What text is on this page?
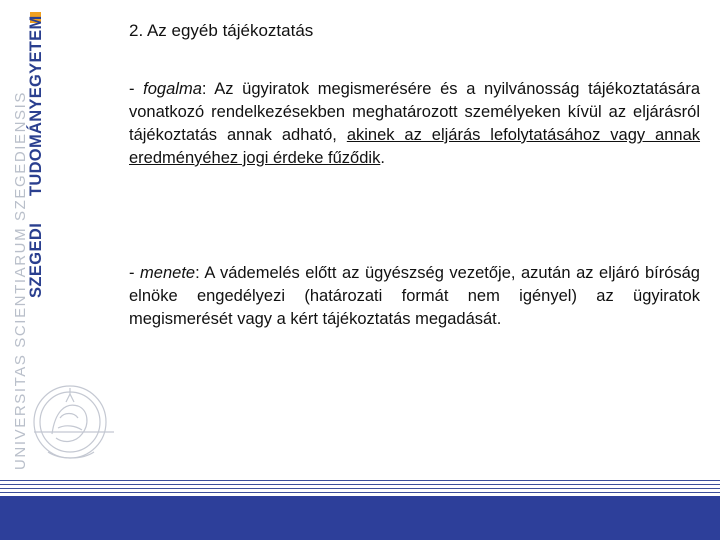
UNIVERSITAS SCIENTIARUM SZEGEDIENSIS
SZEGEDI
TUDOMÁNYEGYETEM	2. Az egyéb tájékoztatás
- fogalma: Az ügyiratok megismerésére és a nyilvánosság tájékoztatására vonatkozó rendelkezésekben meghatározott személyeken kívül az eljárásról tájékoztatás annak adható, akinek az eljárás lefolytatásához vagy annak eredményéhez jogi érdeke fűződik.
- menete: A vádemelés előtt az ügyészség vezetője, azután az eljáró bíróság elnöke engedélyezi (határozati formát nem igényel) az ügyiratok megismerését vagy a kért tájékoztatás megadását.
